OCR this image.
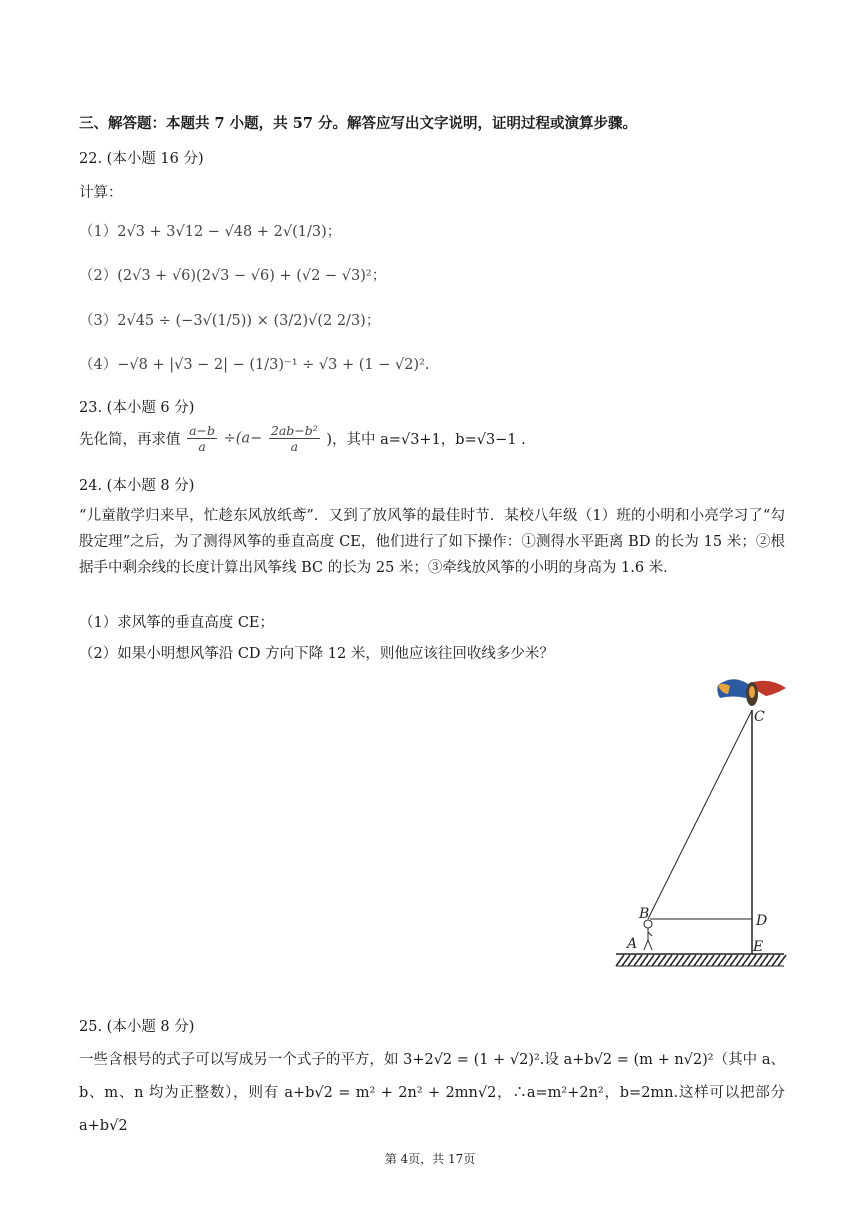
三、解答题：本题共 7 小题，共 57 分。解答应写出文字说明，证明过程或演算步骤。
22. (本小题 16 分)
计算：
（1）2√3 + 3√12 − √48 + 2√(1/3)；
（2）(2√3 + √6)(2√3 − √6) + (√2 − √3)²；
（3）2√45 ÷ (−3√(1/5)) × (3/2)√(2 2/3)；
（4）−√8 + |√3 − 2| − (1/3)⁻¹ ÷ √3 + (1 − √2)².
23. (本小题 6 分)
先化简，再求值 $\frac{a-b}{a} \div(a- \frac{\text{2ab−b²}}{a}$ )，其中 a=√3+1，b=√3−1 .
24. (本小题 8 分)
“儿童散学归来早，忙趁东风放纸鸢”．又到了放风筝的最佳时节．某校八年级（1）班的小明和小亮学习了“勾股定理”之后，为了测得风筝的垂直高度 CE，他们进行了如下操作：①测得水平距离 BD 的长为 15 米；②根据手中剩余线的长度计算出风筝线 BC 的长为 25 米；③牵线放风筝的小明的身高为 1.6 米．
（1）求风筝的垂直高度 CE；
（2）如果小明想风筝沿 CD 方向下降 12 米，则他应该往回收线多少米？
C
B	D
A	E
25. (本小题 8 分)
一些含根号的式子可以写成另一个式子的平方，如 3+2√2 = (1 + √2)².设 a+b√2 = (m + n√2)²（其中 a、b、m、n 均为正整数），则有 a+b√2 = m² + 2n² + 2mn√2，∴a=m²+2n²，b=2mn.这样可以把部分 a+b√2
第 4页，共 17页
